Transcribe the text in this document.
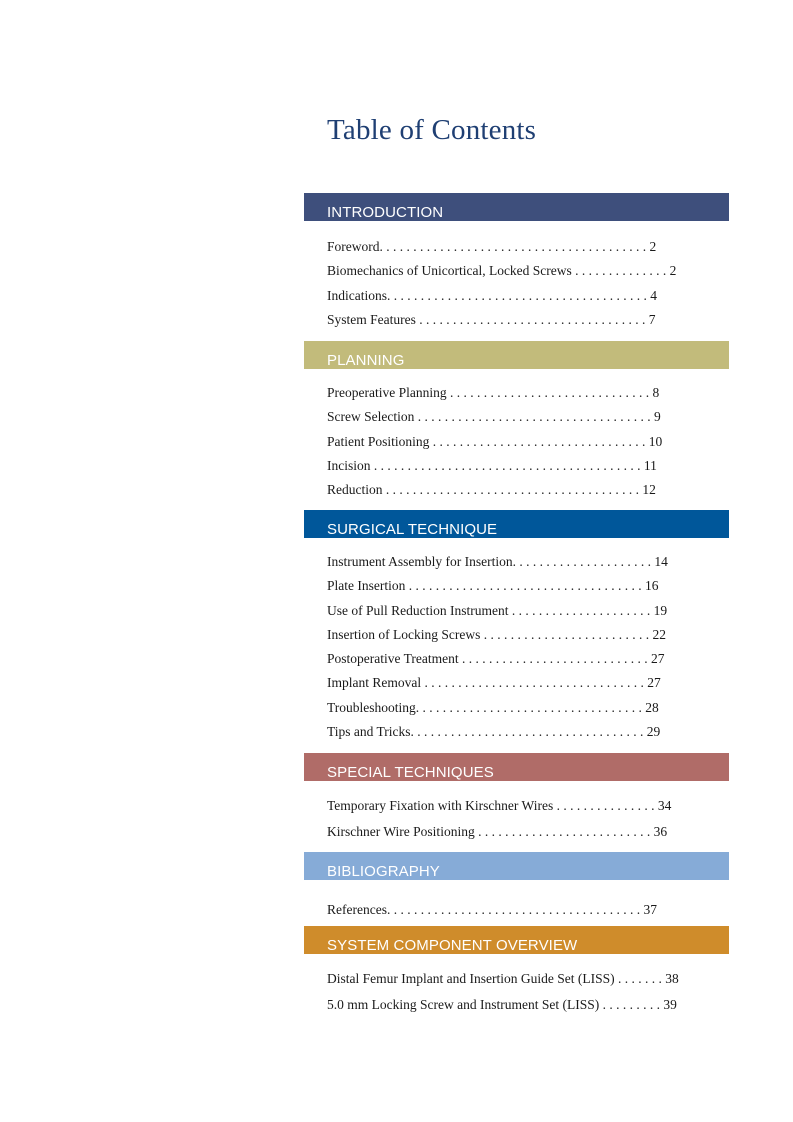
Table of Contents
INTRODUCTION
Foreword. . . . . . . . . . . . . . . . . . . . . . . . . . . . . . . . . . . . . . . . 2
Biomechanics of Unicortical, Locked Screws . . . . . . . . . . . . . . 2
Indications. . . . . . . . . . . . . . . . . . . . . . . . . . . . . . . . . . . . . . . 4
System Features . . . . . . . . . . . . . . . . . . . . . . . . . . . . . . . . . . 7
PLANNING
Preoperative Planning . . . . . . . . . . . . . . . . . . . . . . . . . . . . . . 8
Screw Selection . . . . . . . . . . . . . . . . . . . . . . . . . . . . . . . . . . . 9
Patient Positioning . . . . . . . . . . . . . . . . . . . . . . . . . . . . . . . . 10
Incision . . . . . . . . . . . . . . . . . . . . . . . . . . . . . . . . . . . . . . . . 11
Reduction . . . . . . . . . . . . . . . . . . . . . . . . . . . . . . . . . . . . . . 12
SURGICAL TECHNIQUE
Instrument Assembly for Insertion. . . . . . . . . . . . . . . . . . . . . 14
Plate Insertion . . . . . . . . . . . . . . . . . . . . . . . . . . . . . . . . . . . 16
Use of Pull Reduction Instrument . . . . . . . . . . . . . . . . . . . . . 19
Insertion of Locking Screws . . . . . . . . . . . . . . . . . . . . . . . . . 22
Postoperative Treatment . . . . . . . . . . . . . . . . . . . . . . . . . . . . 27
Implant Removal . . . . . . . . . . . . . . . . . . . . . . . . . . . . . . . . . 27
Troubleshooting. . . . . . . . . . . . . . . . . . . . . . . . . . . . . . . . . . 28
Tips and Tricks. . . . . . . . . . . . . . . . . . . . . . . . . . . . . . . . . . . 29
SPECIAL TECHNIQUES
Temporary Fixation with Kirschner Wires . . . . . . . . . . . . . . . 34
Kirschner Wire Positioning . . . . . . . . . . . . . . . . . . . . . . . . . . 36
BIBLIOGRAPHY
References. . . . . . . . . . . . . . . . . . . . . . . . . . . . . . . . . . . . . . 37
SYSTEM COMPONENT OVERVIEW
Distal Femur Implant and Insertion Guide Set (LISS) . . . . . . . 38
5.0 mm Locking Screw and Instrument Set (LISS) . . . . . . . . . 39
